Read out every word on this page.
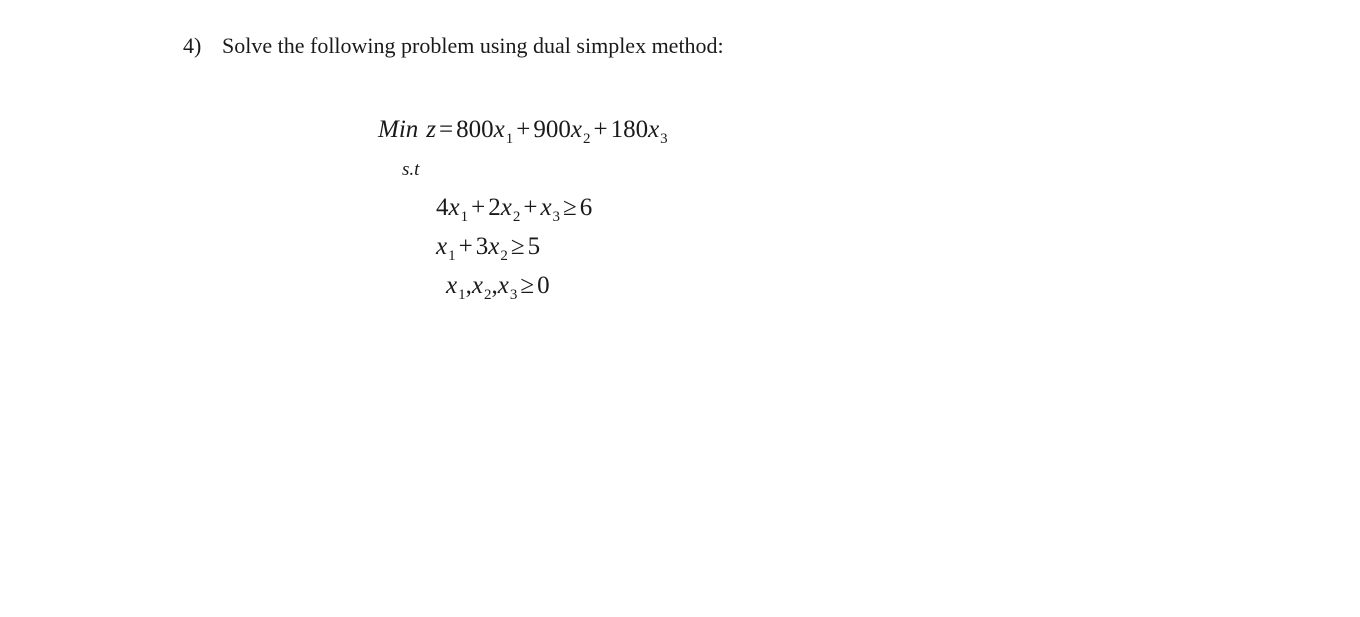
4) Solve the following problem using dual simplex method:
Min $z = 800x_1 + 900x_2 + 180x_3$
s.t
$4x_1 + 2x_2 + x_3 \ge 6$
$x_1 + 3x_2 \ge 5$
$x_1,x_2,x_3 \ge 0$
